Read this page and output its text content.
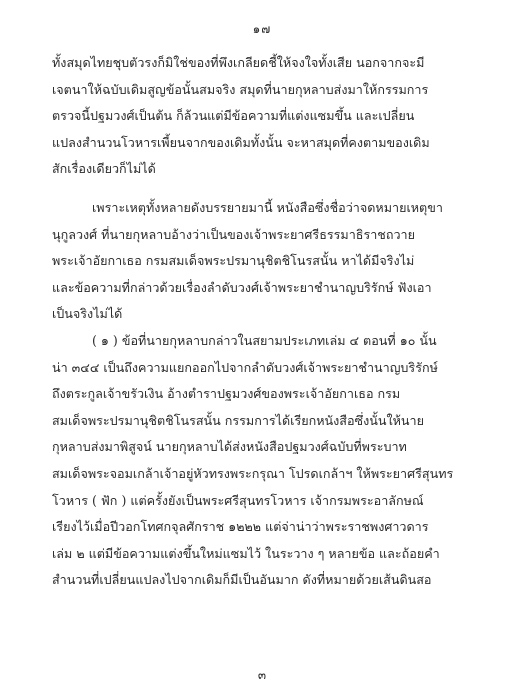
๑๗
ทั้งสมุดไทยชุบตัวรงก็มิใช่ของที่พึงเกลียดชี้ให้จงใจทั้งเสีย นอกจากจะมี
เจตนาให้ฉบับเดิมสูญข้อนั้นสมจริง สมุดที่นายกุหลาบส่งมาให้กรรมการ
ตรวจนี้ปฐมวงศ์เป็นต้น ก็ล้วนแต่มีข้อความที่แต่งแซมขึ้น และเปลี่ยน
แปลงสำนวนโวหารเพี้ยนจากของเดิมทั้งนั้น จะหาสมุดที่คงตามของเดิม
สักเรื่องเดียวก็ไม่ได้
เพราะเหตุทั้งหลายดังบรรยายมานี้ หนังสือซึ่งชื่อว่าจดหมายเหตุขา
นุกูลวงศ์ ที่นายกุหลาบอ้างว่าเป็นของเจ้าพระยาศรีธรรมาธิราชถวาย
พระเจ้าอัยกาเธอ กรมสมเด็จพระปรมานุชิตชิโนรสนั้น หาได้มีจริงไม่
และข้อความที่กล่าวด้วยเรื่องลำดับวงศ์เจ้าพระยาชำนาญบริรักษ์ ฟังเอา
เป็นจริงไม่ได้
( ๑ ) ข้อที่นายกุหลาบกล่าวในสยามประเภทเล่ม ๔ ตอนที่ ๑๐ นั้น
น่า ๓๔๔ เป็นถึงความแยกออกไปจากลำดับวงศ์เจ้าพระยาชำนาญบริรักษ์
ถึงตระกูลเจ้าขรัวเงิน อ้างตำราปฐมวงศ์ของพระเจ้าอัยกาเธอ กรม
สมเด็จพระปรมานุชิตชิโนรสนั้น กรรมการได้เรียกหนังสือซึ่งนั้นให้นาย
กุหลาบส่งมาพิสูจน์ นายกุหลาบได้ส่งหนังสือปฐมวงศ์ฉบับที่พระบาท
สมเด็จพระจอมเกล้าเจ้าอยู่หัวทรงพระกรุณา โปรดเกล้าฯ ให้พระยาศรีสุนทร
โวหาร ( ฟัก ) แต่ครั้งยังเป็นพระศรีสุนทรโวหาร เจ้ากรมพระอาลักษณ์
เรียงไว้เมื่อปีวอกโทศกจุลศักราช ๑๒๒๒ แต่จ่าน่าว่าพระราชพงศาวดาร
เล่ม ๒ แต่มีข้อความแต่งขึ้นใหม่แซมไว้ ในระวาง ๆ หลายข้อ และถ้อยคำ
สำนวนที่เปลี่ยนแปลงไปจากเดิมก็มีเป็นอันมาก ดังที่หมายด้วยเส้นดินสอ
๓
